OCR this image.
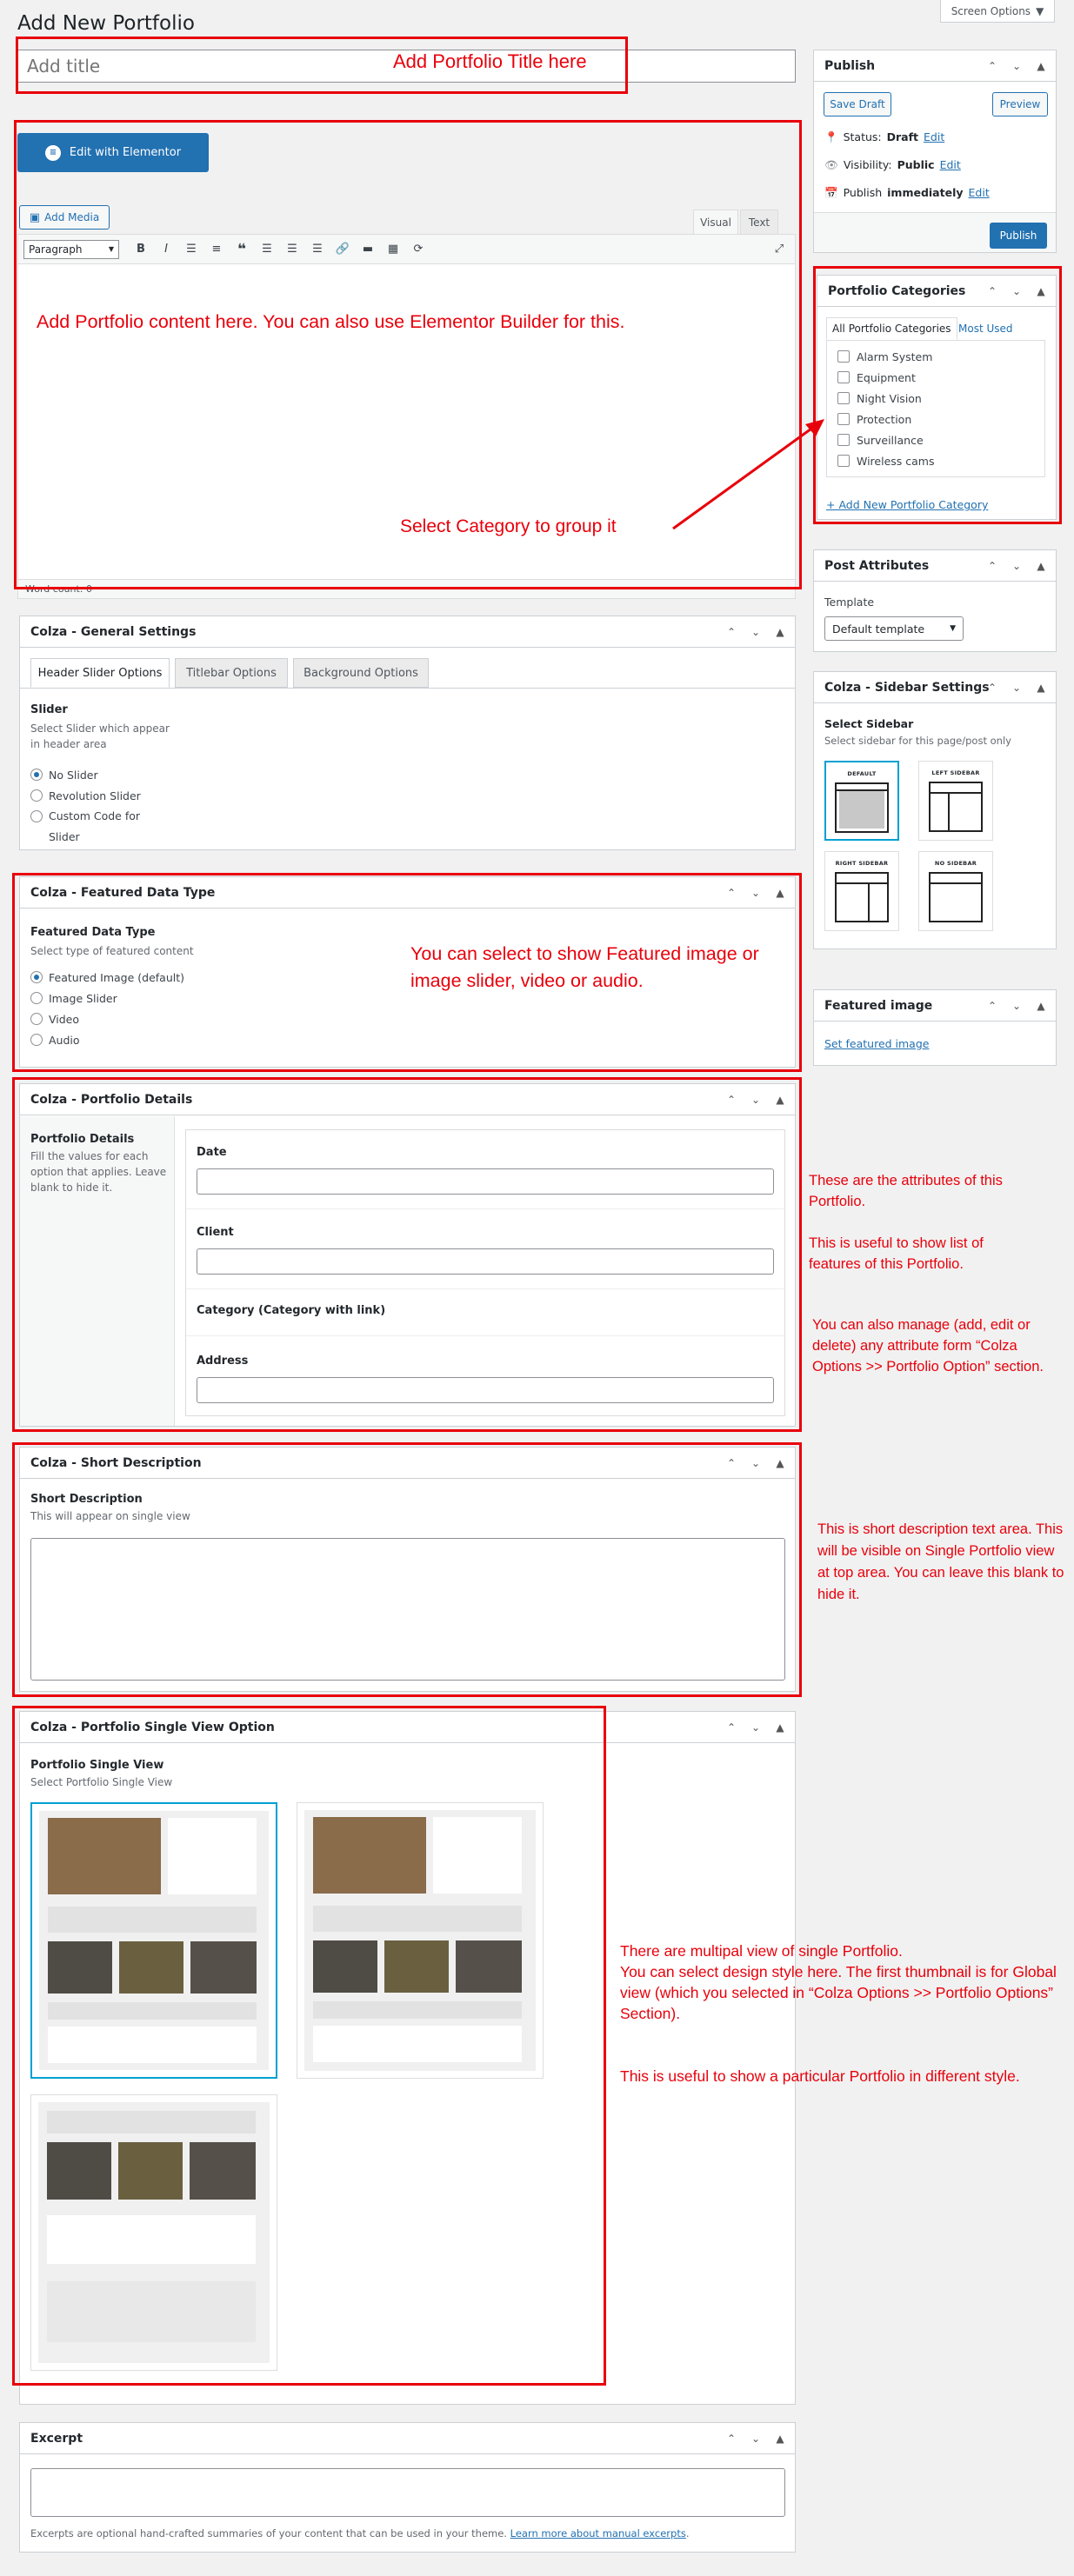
Screen Options ▼
Add New Portfolio
Add title
≡	Edit with Elementor
▣ Add Media	Visual	Text
Paragraph	▼	B	I	☰	≡	❝	☰	☰	☰	🔗	▬	▦	⟳	⤢
Word count: 0
Colza - General Settings	⌃	⌄	▲
Header Slider Options	Titlebar Options	Background Options
Slider
Select Slider which appear in header area
No Slider
Revolution Slider
Custom Code for Slider
Colza - Featured Data Type	⌃	⌄	▲
Featured Data Type
Select type of featured content
Featured Image (default)
Image Slider
Video
Audio
Colza - Portfolio Details	⌃	⌄	▲
Portfolio Details
Fill the values for each option that applies. Leave blank to hide it.
Date
Client
Category (Category with link)
Address
Colza - Short Description	⌃	⌄	▲
Short Description
This will appear on single view
Colza - Portfolio Single View Option	⌃	⌄	▲
Portfolio Single View
Select Portfolio Single View
Excerpt	⌃	⌄	▲
Excerpts are optional hand-crafted summaries of your content that can be used in your theme. Learn more about manual excerpts.
Publish	⌃	⌄	▲
Save Draft	Preview
📍 Status: Draft Edit
👁 Visibility: Public Edit
📅 Publish immediately Edit
Publish
Portfolio Categories	⌃	⌄	▲
All Portfolio Categories Most Used
Alarm System
Equipment
Night Vision
Protection
Surveillance
Wireless cams
+ Add New Portfolio Category
Post Attributes	⌃	⌄	▲
Template
Default template	▼
Colza - Sidebar Settings
⌃	⌄	▲
Select Sidebar
Select sidebar for this page/post only
DEFAULT	LEFT SIDEBAR
RIGHT SIDEBAR	NO SIDEBAR
Featured image	⌃	⌄	▲
Set featured image
Add Portfolio Title here
Add Portfolio content here. You can also use Elementor Builder for this.
Select Category to group it
You can select to show Featured image or image slider, video or audio.
These are the attributes of this Portfolio.
This is useful to show list of features of this Portfolio.
You can also manage (add, edit or delete) any attribute form “Colza Options >> Portfolio Option” section.
This is short description text area. This will be visible on Single Portfolio view at top area. You can leave this blank to hide it.
There are multipal view of single Portfolio.
You can select design style here. The first thumbnail is for Global view (which you selected in “Colza Options >> Portfolio Options” Section).
This is useful to show a particular Portfolio in different style.
